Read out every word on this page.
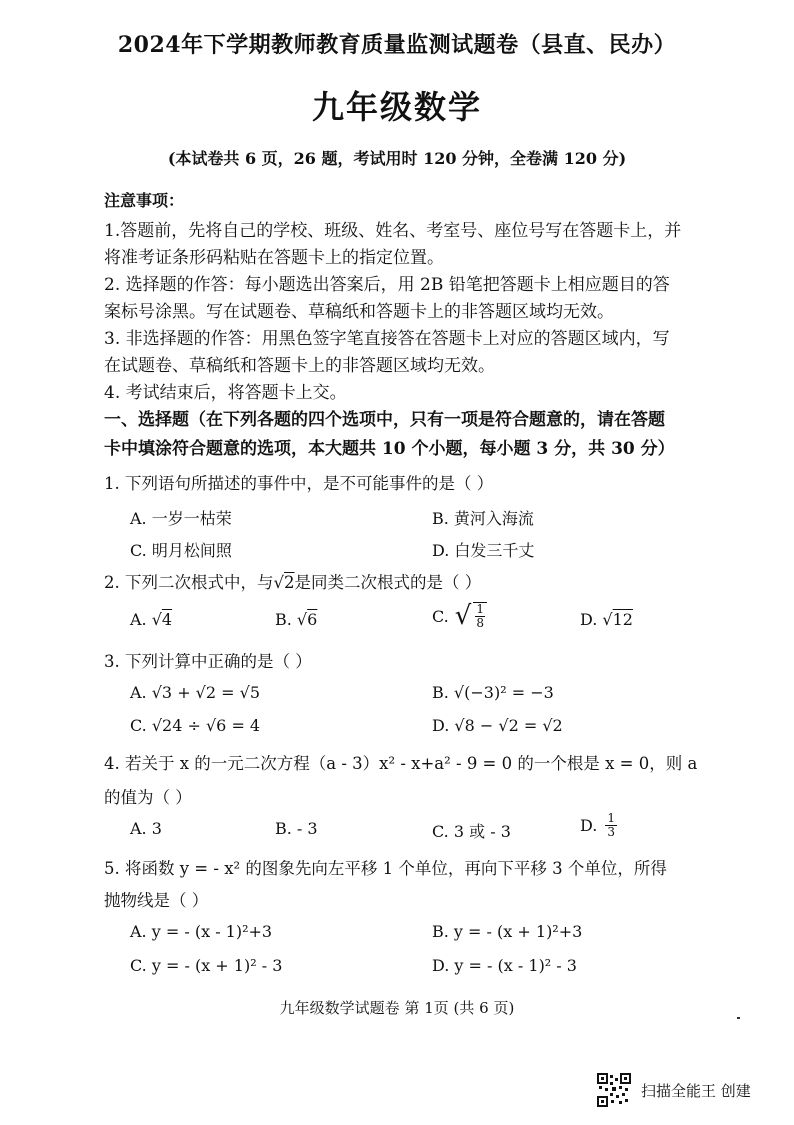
2024年下学期教师教育质量监测试题卷（县直、民办）
九年级数学
(本试卷共 6 页，26 题，考试用时 120 分钟，全卷满 120 分)
注意事项：
1.答题前，先将自己的学校、班级、姓名、考室号、座位号写在答题卡上，并
将准考证条形码粘贴在答题卡上的指定位置。
2. 选择题的作答：每小题选出答案后，用 2B 铅笔把答题卡上相应题目的答
案标号涂黑。写在试题卷、草稿纸和答题卡上的非答题区域均无效。
3. 非选择题的作答：用黑色签字笔直接答在答题卡上对应的答题区域内，写
在试题卷、草稿纸和答题卡上的非答题区域均无效。
4. 考试结束后，将答题卡上交。
一、选择题（在下列各题的四个选项中，只有一项是符合题意的，请在答题
卡中填涂符合题意的选项，本大题共 10 个小题，每小题 3 分，共 30 分）
1. 下列语句所描述的事件中，是不可能事件的是（ ）
A. 一岁一枯荣	B. 黄河入海流
C. 明月松间照	D. 白发三千丈
2. 下列二次根式中，与√2是同类二次根式的是（ ）
A. √4	B. √6	C. √ $\frac{1}{8}$	D. √12
3. 下列计算中正确的是（ ）
A. √3 + √2 = √5	B. √(−3)² = −3
C. √24 ÷ √6 = 4	D. √8 − √2 = √2
4. 若关于 x 的一元二次方程（a - 3）x² - x+a² - 9 = 0 的一个根是 x = 0，则 a
的值为（ ）
A. 3	B. - 3	C. 3 或 - 3	D. $\frac{1}{3}$
5. 将函数 y = - x² 的图象先向左平移 1 个单位，再向下平移 3 个单位，所得
抛物线是（ ）
A. y = - (x - 1)²+3	B. y = - (x + 1)²+3
C. y = - (x + 1)² - 3	D. y = - (x - 1)² - 3
九年级数学试题卷 第 1页 (共 6 页)
扫描全能王 创建
